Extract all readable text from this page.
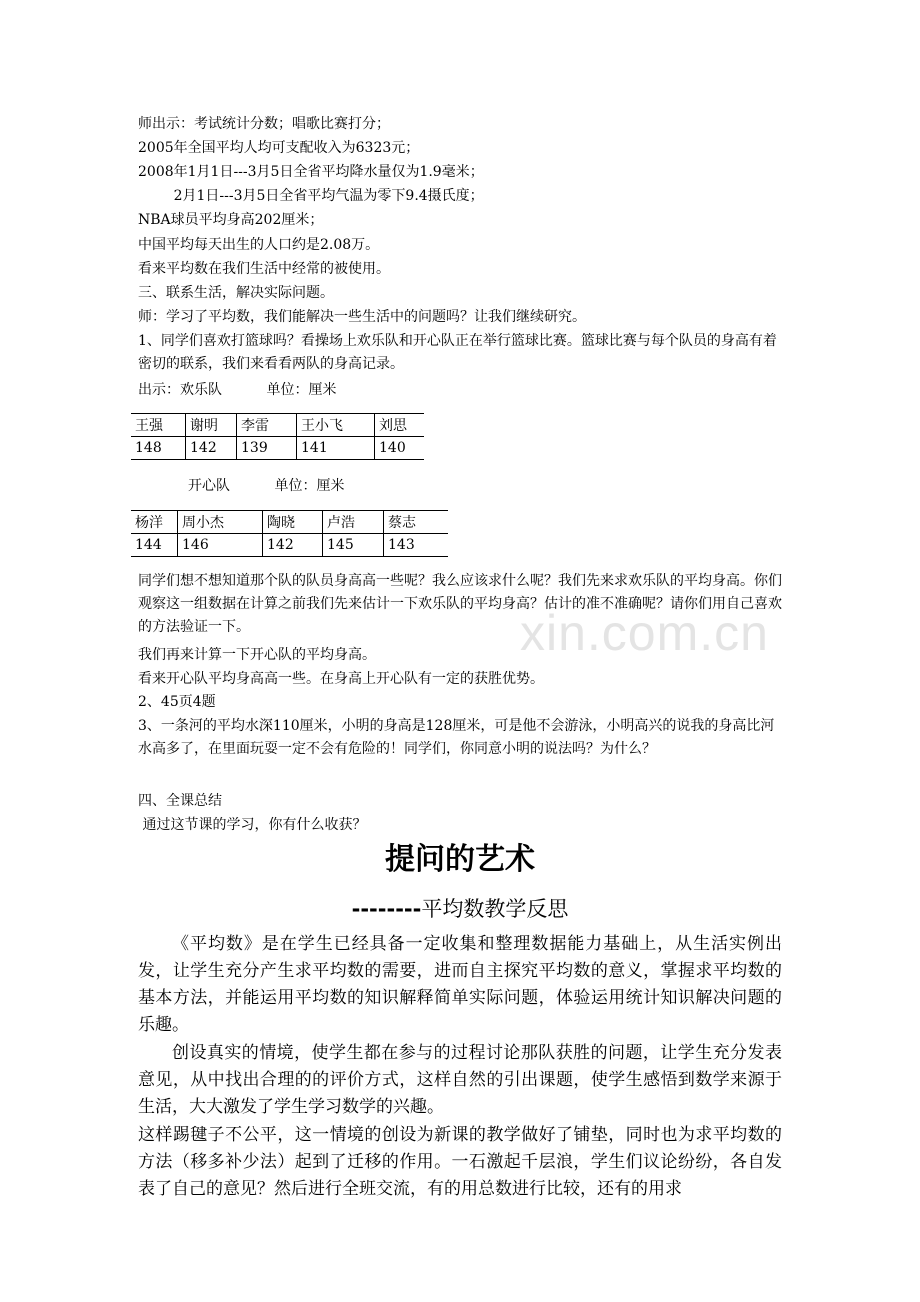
xin.com.cn
师出示：考试统计分数；唱歌比赛打分；
2005年全国平均人均可支配收入为6323元；
2008年1月1日---3月5日全省平均降水量仅为1.9毫米；
2月1日---3月5日全省平均气温为零下9.4摄氏度；
NBA球员平均身高202厘米；
中国平均每天出生的人口约是2.08万。
看来平均数在我们生活中经常的被使用。
三、联系生活，解决实际问题。
师：学习了平均数，我们能解决一些生活中的问题吗？让我们继续研究。
1、同学们喜欢打篮球吗？看操场上欢乐队和开心队正在举行篮球比赛。篮球比赛与每个队员的身高有着密切的联系，我们来看看两队的身高记录。
出示：欢乐队          单位：厘米
王强	谢明	李雷	王小飞	刘思
148	142	139	141	140
开心队          单位：厘米
杨洋	周小杰	陶晓	卢浩	蔡志
144	146	142	145	143
同学们想不想知道那个队的队员身高高一些呢？我么应该求什么呢？我们先来求欢乐队的平均身高。你们观察这一组数据在计算之前我们先来估计一下欢乐队的平均身高？估计的准不准确呢？请你们用自己喜欢的方法验证一下。
我们再来计算一下开心队的平均身高。
看来开心队平均身高高一些。在身高上开心队有一定的获胜优势。
2、45页4题
3、一条河的平均水深110厘米，小明的身高是128厘米，可是他不会游泳，小明高兴的说我的身高比河水高多了，在里面玩耍一定不会有危险的！同学们，你同意小明的说法吗？为什么？
四、全课总结
通过这节课的学习，你有什么收获？
提问的艺术
--------平均数教学反思
《平均数》是在学生已经具备一定收集和整理数据能力基础上，从生活实例出发，让学生充分产生求平均数的需要，进而自主探究平均数的意义，掌握求平均数的基本方法，并能运用平均数的知识解释简单实际问题，体验运用统计知识解决问题的乐趣。
创设真实的情境，使学生都在参与的过程讨论那队获胜的问题，让学生充分发表意见，从中找出合理的的评价方式，这样自然的引出课题，使学生感悟到数学来源于生活，大大激发了学生学习数学的兴趣。
这样踢毽子不公平，这一情境的创设为新课的教学做好了铺垫，同时也为求平均数的方法（移多补少法）起到了迁移的作用。一石激起千层浪，学生们议论纷纷，各自发表了自己的意见？然后进行全班交流，有的用总数进行比较，还有的用求
